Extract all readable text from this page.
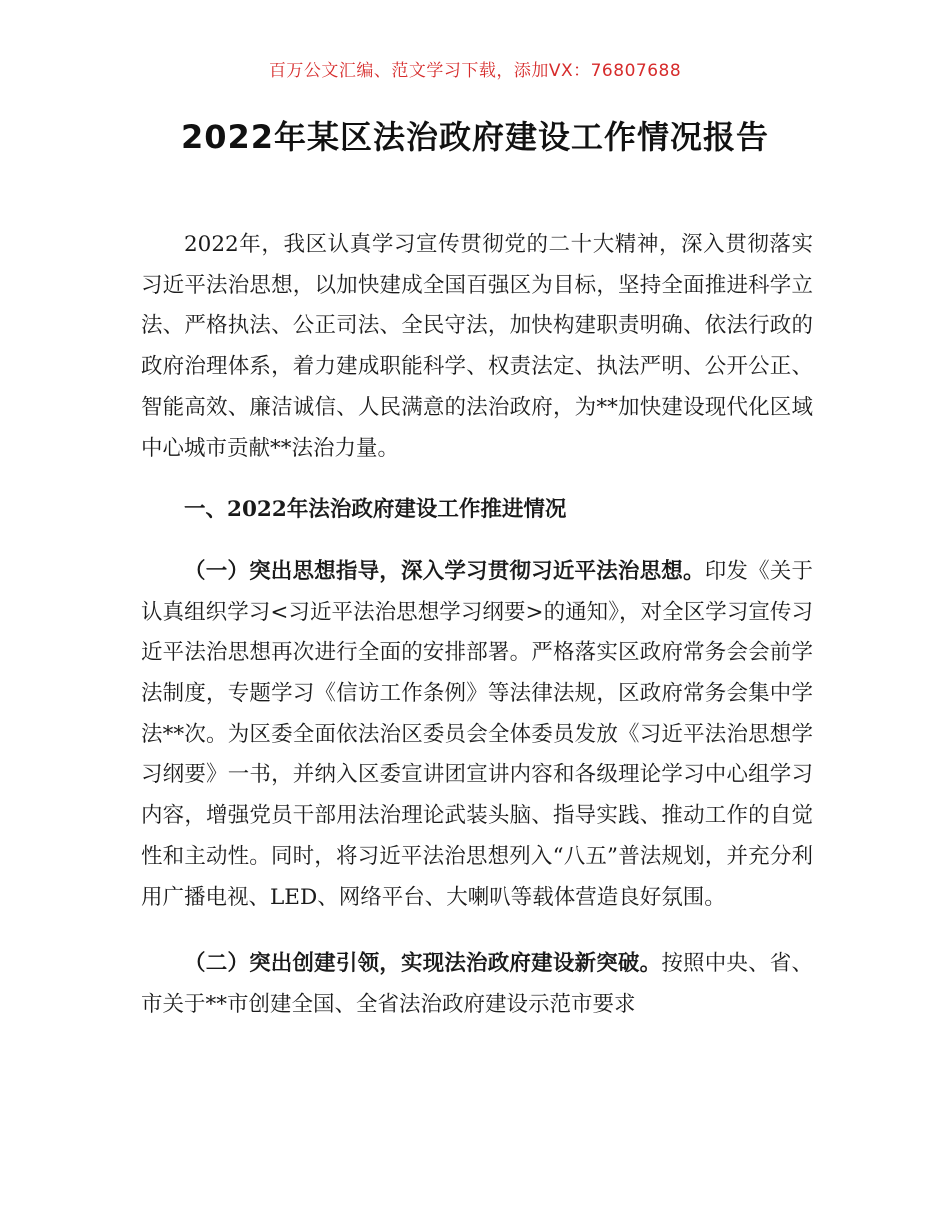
百万公文汇编、范文学习下载，添加VX：76807688
2022年某区法治政府建设工作情况报告

2022年，我区认真学习宣传贯彻党的二十大精神，深入贯彻落实习近平法治思想，以加快建成全国百强区为目标，坚持全面推进科学立法、严格执法、公正司法、全民守法，加快构建职责明确、依法行政的政府治理体系，着力建成职能科学、权责法定、执法严明、公开公正、智能高效、廉洁诚信、人民满意的法治政府，为**加快建设现代化区域中心城市贡献**法治力量。

一、2022年法治政府建设工作推进情况

（一）突出思想指导，深入学习贯彻习近平法治思想。印发《关于认真组织学习<习近平法治思想学习纲要>的通知》，对全区学习宣传习近平法治思想再次进行全面的安排部署。严格落实区政府常务会会前学法制度，专题学习《信访工作条例》等法律法规，区政府常务会集中学法**次。为区委全面依法治区委员会全体委员发放《习近平法治思想学习纲要》一书，并纳入区委宣讲团宣讲内容和各级理论学习中心组学习内容，增强党员干部用法治理论武装头脑、指导实践、推动工作的自觉性和主动性。同时，将习近平法治思想列入“八五”普法规划，并充分利用广播电视、LED、网络平台、大喇叭等载体营造良好氛围。

（二）突出创建引领，实现法治政府建设新突破。按照中央、省、市关于**市创建全国、全省法治政府建设示范市要求
